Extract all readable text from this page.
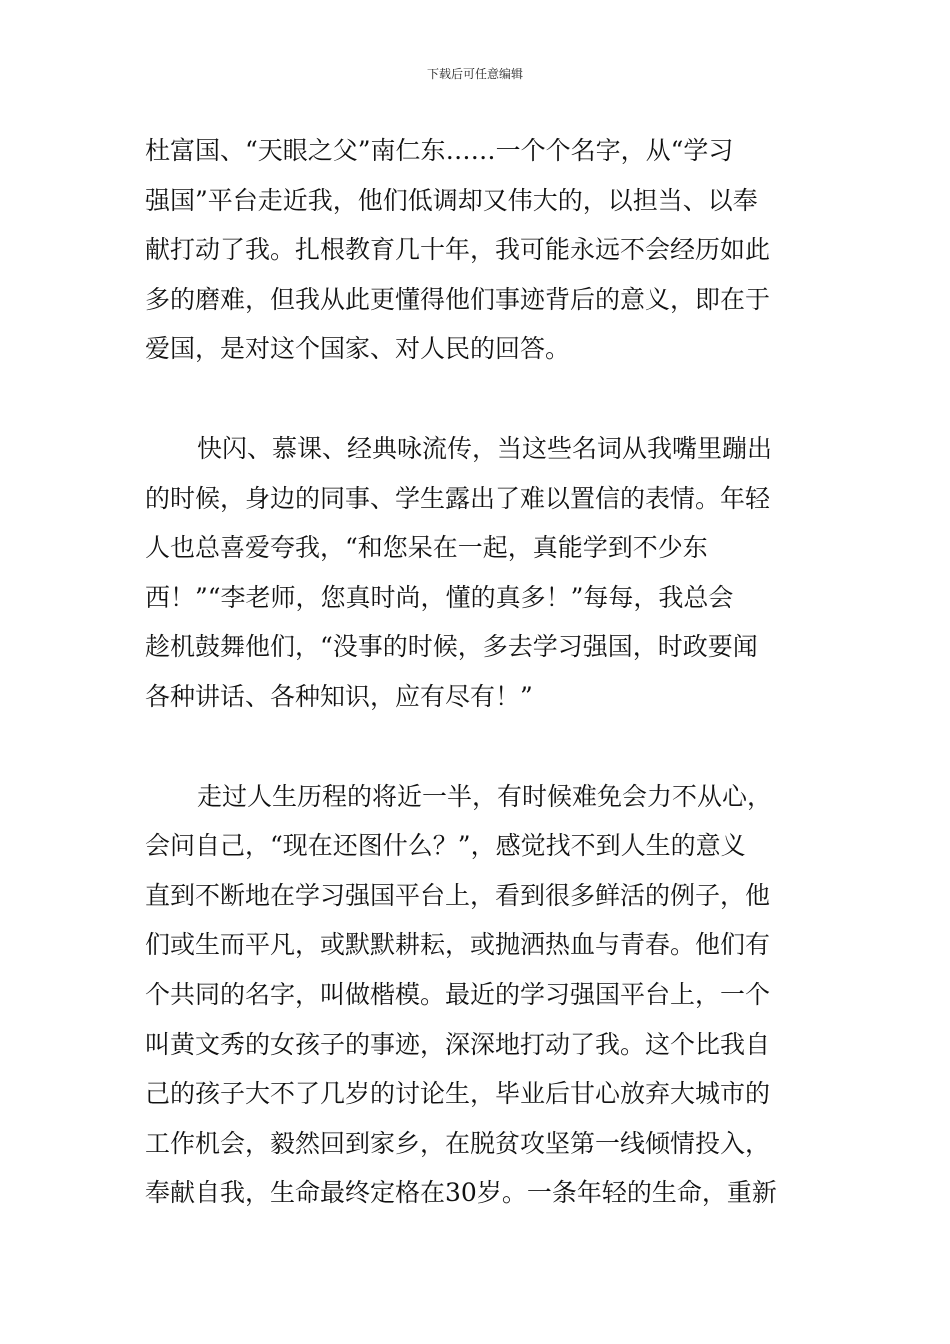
下载后可任意编辑
杜富国、“天眼之父”南仁东……一个个名字，从“学习
强国”平台走近我，他们低调却又伟大的，以担当、以奉
献打动了我。扎根教育几十年，我可能永远不会经历如此
多的磨难，但我从此更懂得他们事迹背后的意义，即在于
爱国，是对这个国家、对人民的回答。
快闪、慕课、经典咏流传，当这些名词从我嘴里蹦出
的时候，身边的同事、学生露出了难以置信的表情。年轻
人也总喜爱夸我，“和您呆在一起，真能学到不少东
西！”“李老师，您真时尚，懂的真多！”每每，我总会
趁机鼓舞他们，“没事的时候，多去学习强国，时政要闻
各种讲话、各种知识，应有尽有！”
走过人生历程的将近一半，有时候难免会力不从心，
会问自己，“现在还图什么？”，感觉找不到人生的意义
直到不断地在学习强国平台上，看到很多鲜活的例子，他
们或生而平凡，或默默耕耘，或抛洒热血与青春。他们有
个共同的名字，叫做楷模。最近的学习强国平台上，一个
叫黄文秀的女孩子的事迹，深深地打动了我。这个比我自
己的孩子大不了几岁的讨论生，毕业后甘心放弃大城市的
工作机会，毅然回到家乡，在脱贫攻坚第一线倾情投入，
奉献自我，生命最终定格在30岁。一条年轻的生命，重新
